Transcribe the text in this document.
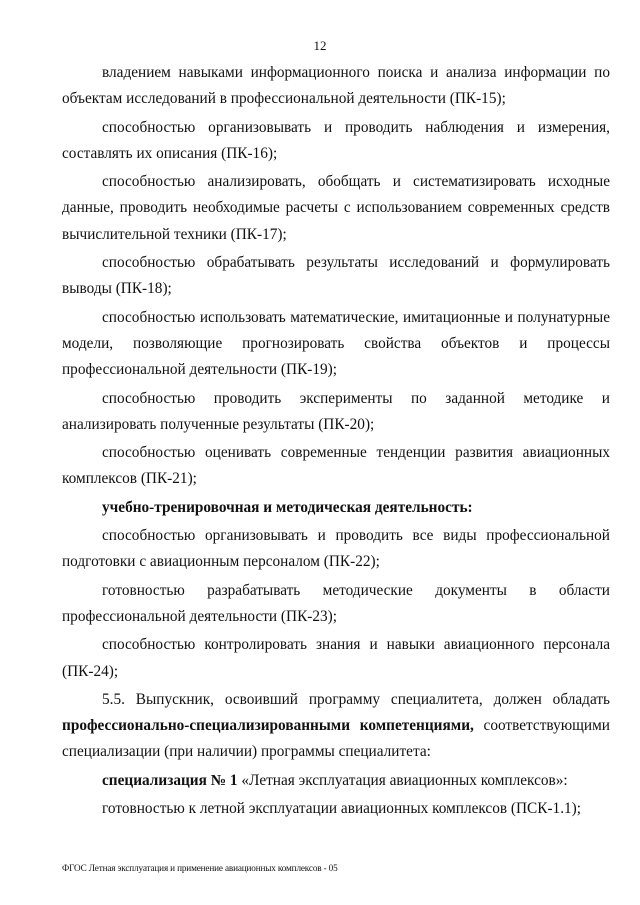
12

владением навыками информационного поиска и анализа информации по объектам исследований в профессиональной деятельности (ПК-15);

способностью организовывать и проводить наблюдения и измерения, составлять их описания (ПК-16);

способностью анализировать, обобщать и систематизировать исходные данные, проводить необходимые расчеты с использованием современных средств вычислительной техники (ПК-17);

способностью обрабатывать результаты исследований и формулировать выводы (ПК-18);

способностью использовать математические, имитационные и полунатурные модели, позволяющие прогнозировать свойства объектов и процессы профессиональной деятельности (ПК-19);

способностью проводить эксперименты по заданной методике и анализировать полученные результаты (ПК-20);

способностью оценивать современные тенденции развития авиационных комплексов (ПК-21);

учебно-тренировочная и методическая деятельность:

способностью организовывать и проводить все виды профессиональной подготовки с авиационным персоналом (ПК-22);

готовностью разрабатывать методические документы в области профессиональной деятельности (ПК-23);

способностью контролировать знания и навыки авиационного персонала (ПК-24);

5.5. Выпускник, освоивший программу специалитета, должен обладать профессионально-специализированными компетенциями, соответствующими специализации (при наличии) программы специалитета:

специализация № 1 «Летная эксплуатация авиационных комплексов»:

готовностью к летной эксплуатации авиационных комплексов (ПСК-1.1);

ФГОС Летная эксплуатация и применение авиационных комплексов - 05
